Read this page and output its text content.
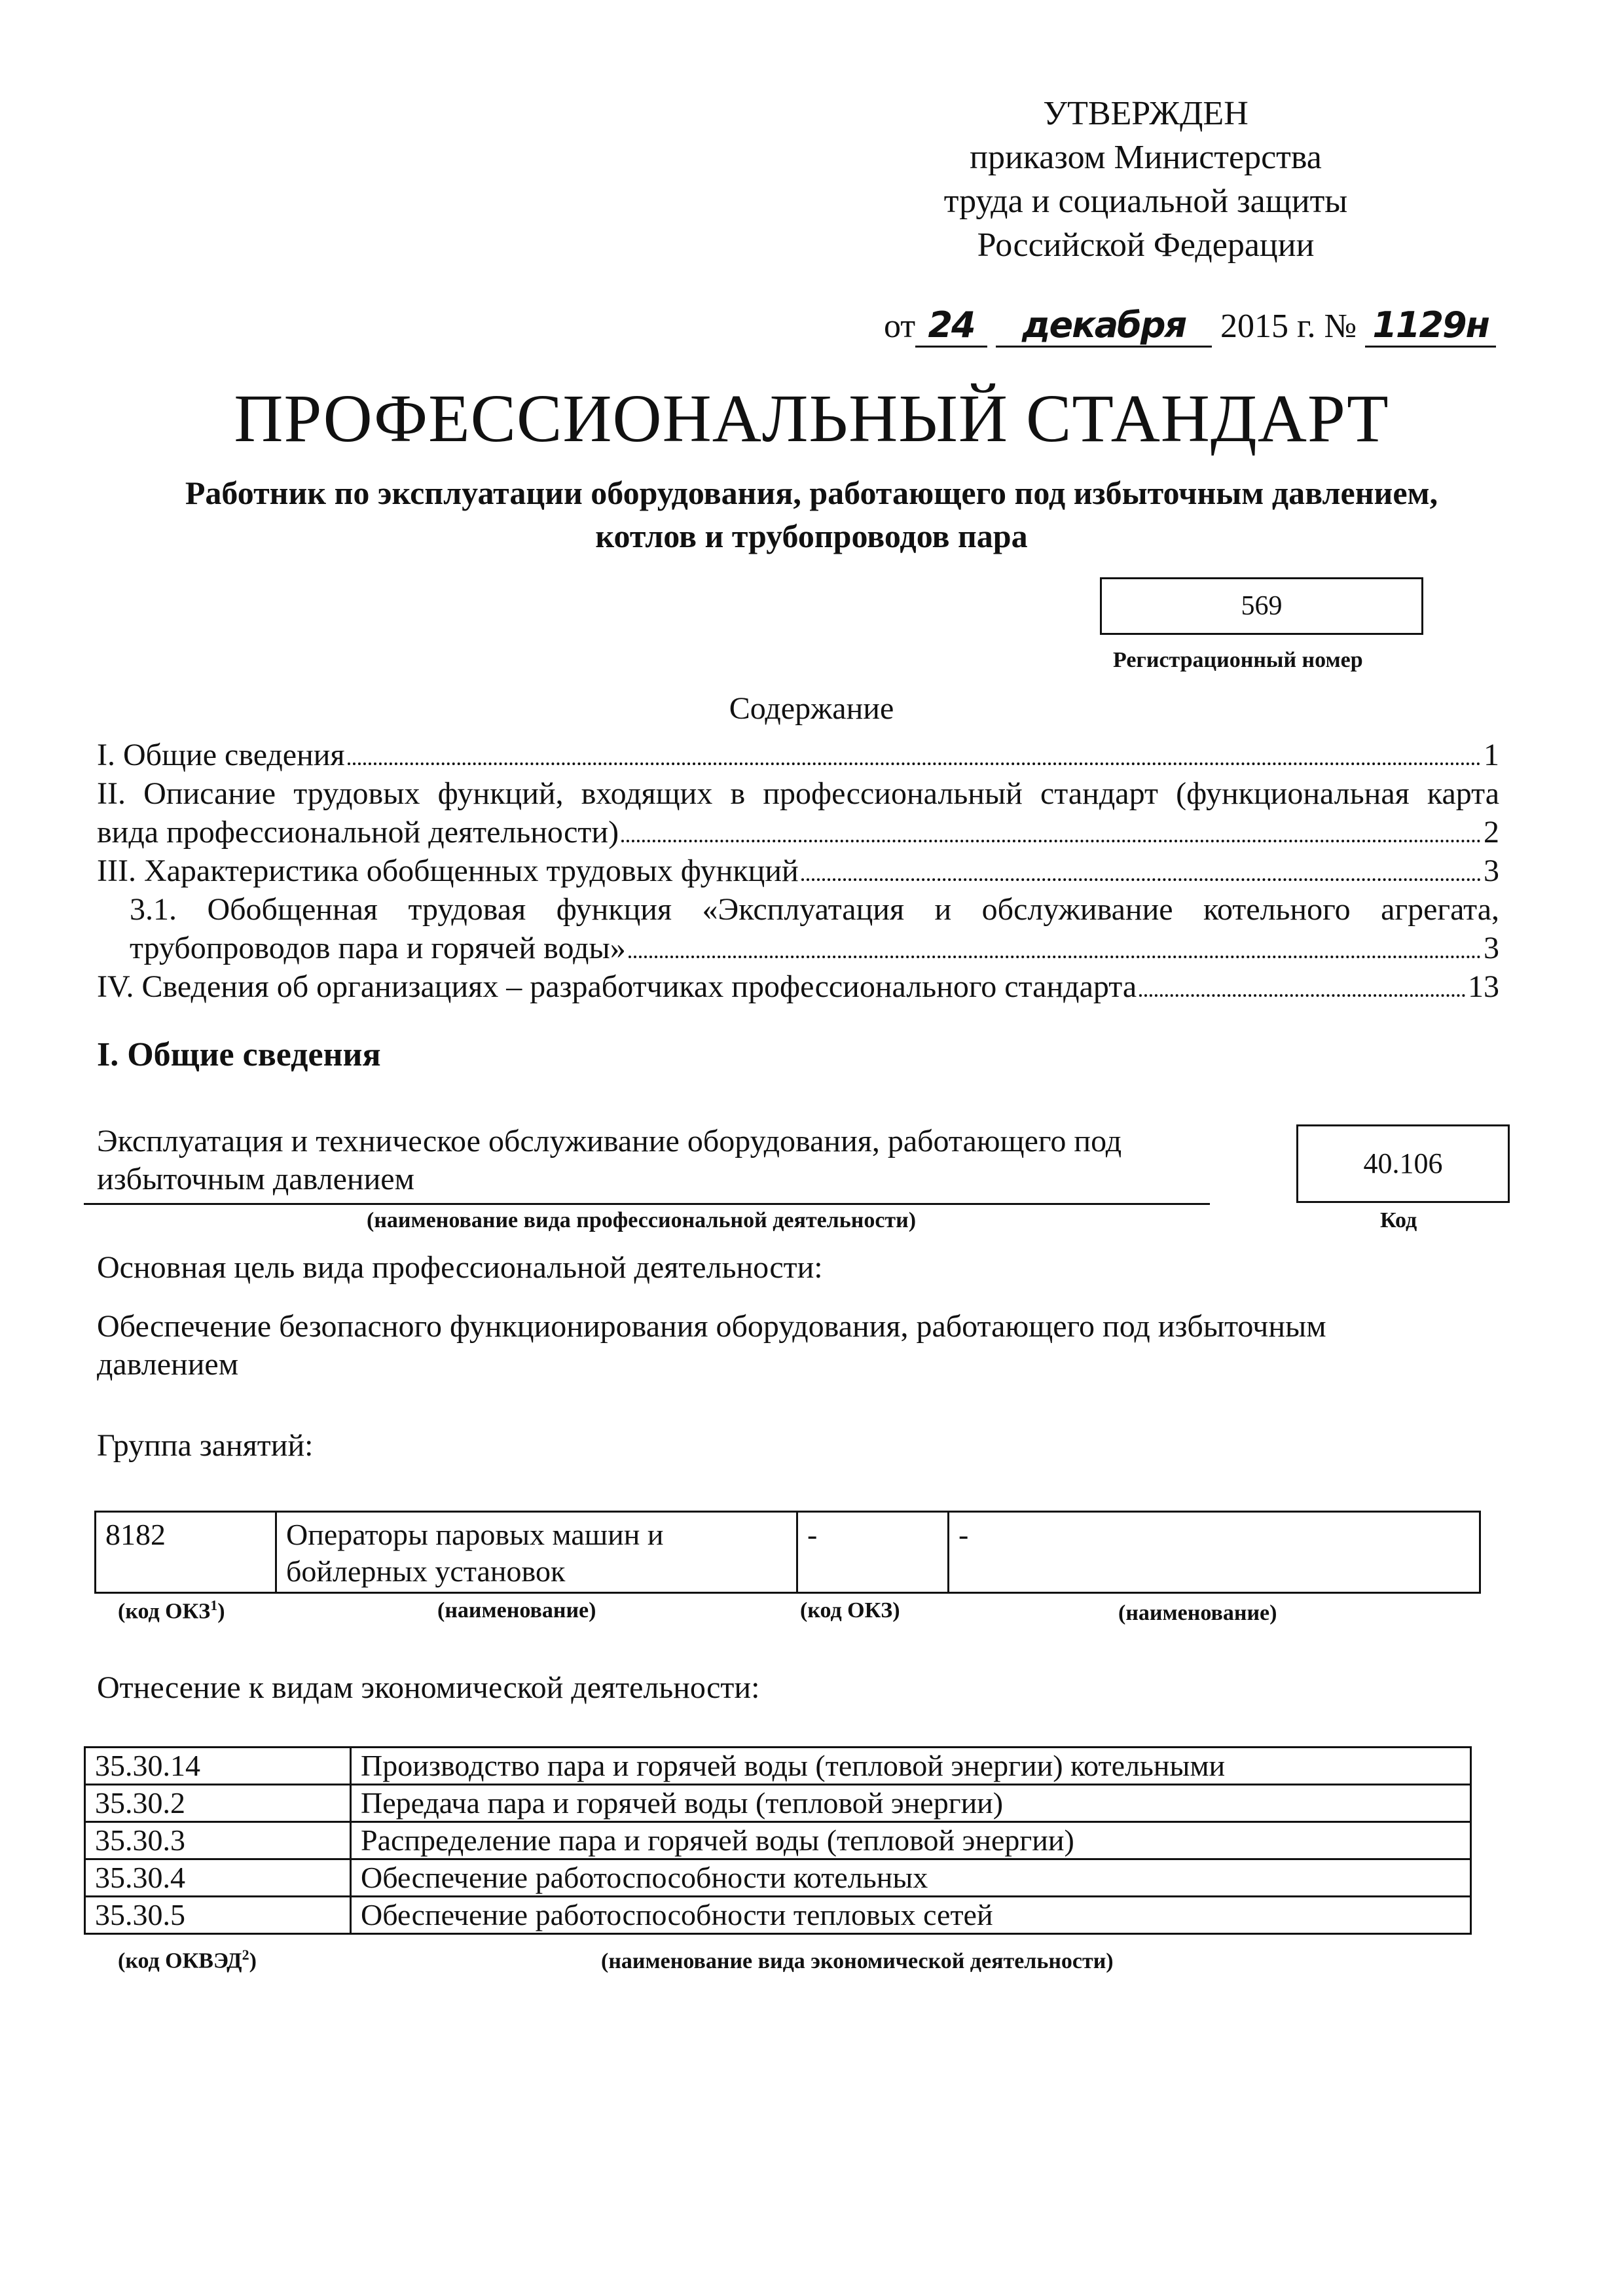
УТВЕРЖДЕН
приказом Министерства
труда и социальной защиты
Российской Федерации
от 24 декабря 2015 г. № 1129н
ПРОФЕССИОНАЛЬНЫЙ СТАНДАРТ
Работник по эксплуатации оборудования, работающего под избыточным давлением, котлов и трубопроводов пара
569
Регистрационный номер
Содержание
I. Общие сведения	1
II. Описание трудовых функций, входящих в профессиональный стандарт (функциональная карта
вида профессиональной деятельности)	2
III. Характеристика обобщенных трудовых функций	3
3.1. Обобщенная трудовая функция «Эксплуатация и обслуживание котельного агрегата,
трубопроводов пара и горячей воды»	3
IV. Сведения об организациях – разработчиках профессионального стандарта	13
I. Общие сведения
Эксплуатация и техническое обслуживание оборудования, работающего под избыточным давлением
(наименование вида профессиональной деятельности)
40.106
Код
Основная цель вида профессиональной деятельности:
Обеспечение безопасного функционирования оборудования, работающего под избыточным давлением
Группа занятий:
8182	Операторы паровых машин и бойлерных установок	-	-
(код ОКЗ$^1$)	(наименование)	(код ОКЗ)	(наименование)
Отнесение к видам экономической деятельности:
35.30.14	Производство пара и горячей воды (тепловой энергии) котельными
35.30.2	Передача пара и горячей воды (тепловой энергии)
35.30.3	Распределение пара и горячей воды (тепловой энергии)
35.30.4	Обеспечение работоспособности котельных
35.30.5	Обеспечение работоспособности тепловых сетей
(код ОКВЭД$^2$)	(наименование вида экономической деятельности)
